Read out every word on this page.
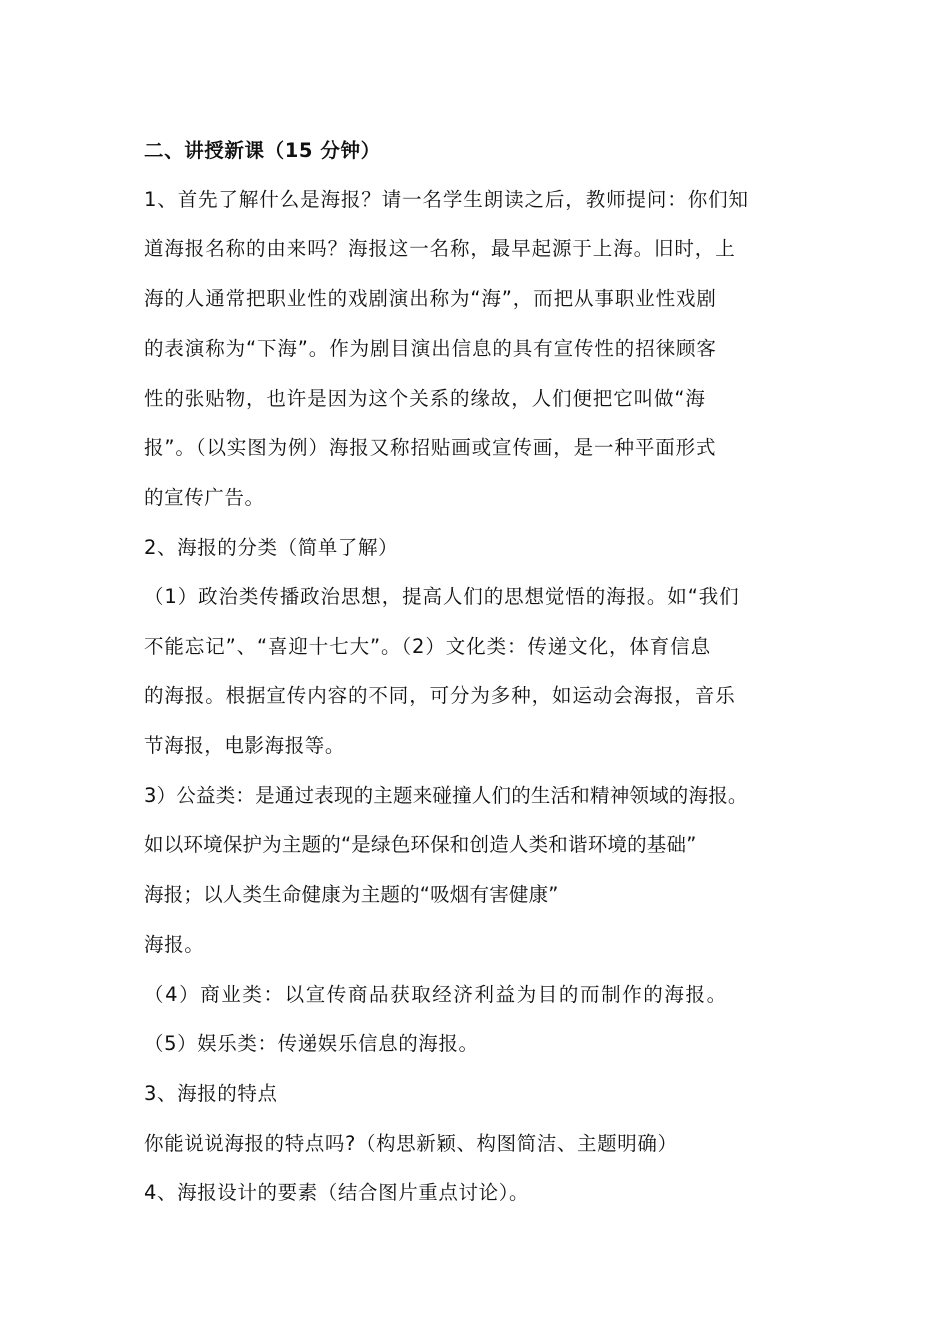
二、讲授新课（15 分钟）
1、首先了解什么是海报？请一名学生朗读之后，教师提问：你们知
道海报名称的由来吗？海报这一名称，最早起源于上海。旧时，上
海的人通常把职业性的戏剧演出称为“海”，而把从事职业性戏剧
的表演称为“下海”。作为剧目演出信息的具有宣传性的招徕顾客
性的张贴物，也许是因为这个关系的缘故，人们便把它叫做“海
报”。（以实图为例）海报又称招贴画或宣传画，是一种平面形式
的宣传广告。
2、海报的分类（简单了解）
（1）政治类传播政治思想，提高人们的思想觉悟的海报。如“我们
不能忘记”、“喜迎十七大”。（2）文化类：传递文化，体育信息
的海报。根据宣传内容的不同，可分为多种，如运动会海报，音乐
节海报，电影海报等。
3）公益类：是通过表现的主题来碰撞人们的生活和精神领域的海报。
如以环境保护为主题的“是绿色环保和创造人类和谐环境的基础”
海报；以人类生命健康为主题的“吸烟有害健康”
海报。
（4）商业类：以宣传商品获取经济利益为目的而制作的海报。
（5）娱乐类：传递娱乐信息的海报。
3、海报的特点
你能说说海报的特点吗?（构思新颖、构图简洁、主题明确）
4、海报设计的要素（结合图片重点讨论）。
